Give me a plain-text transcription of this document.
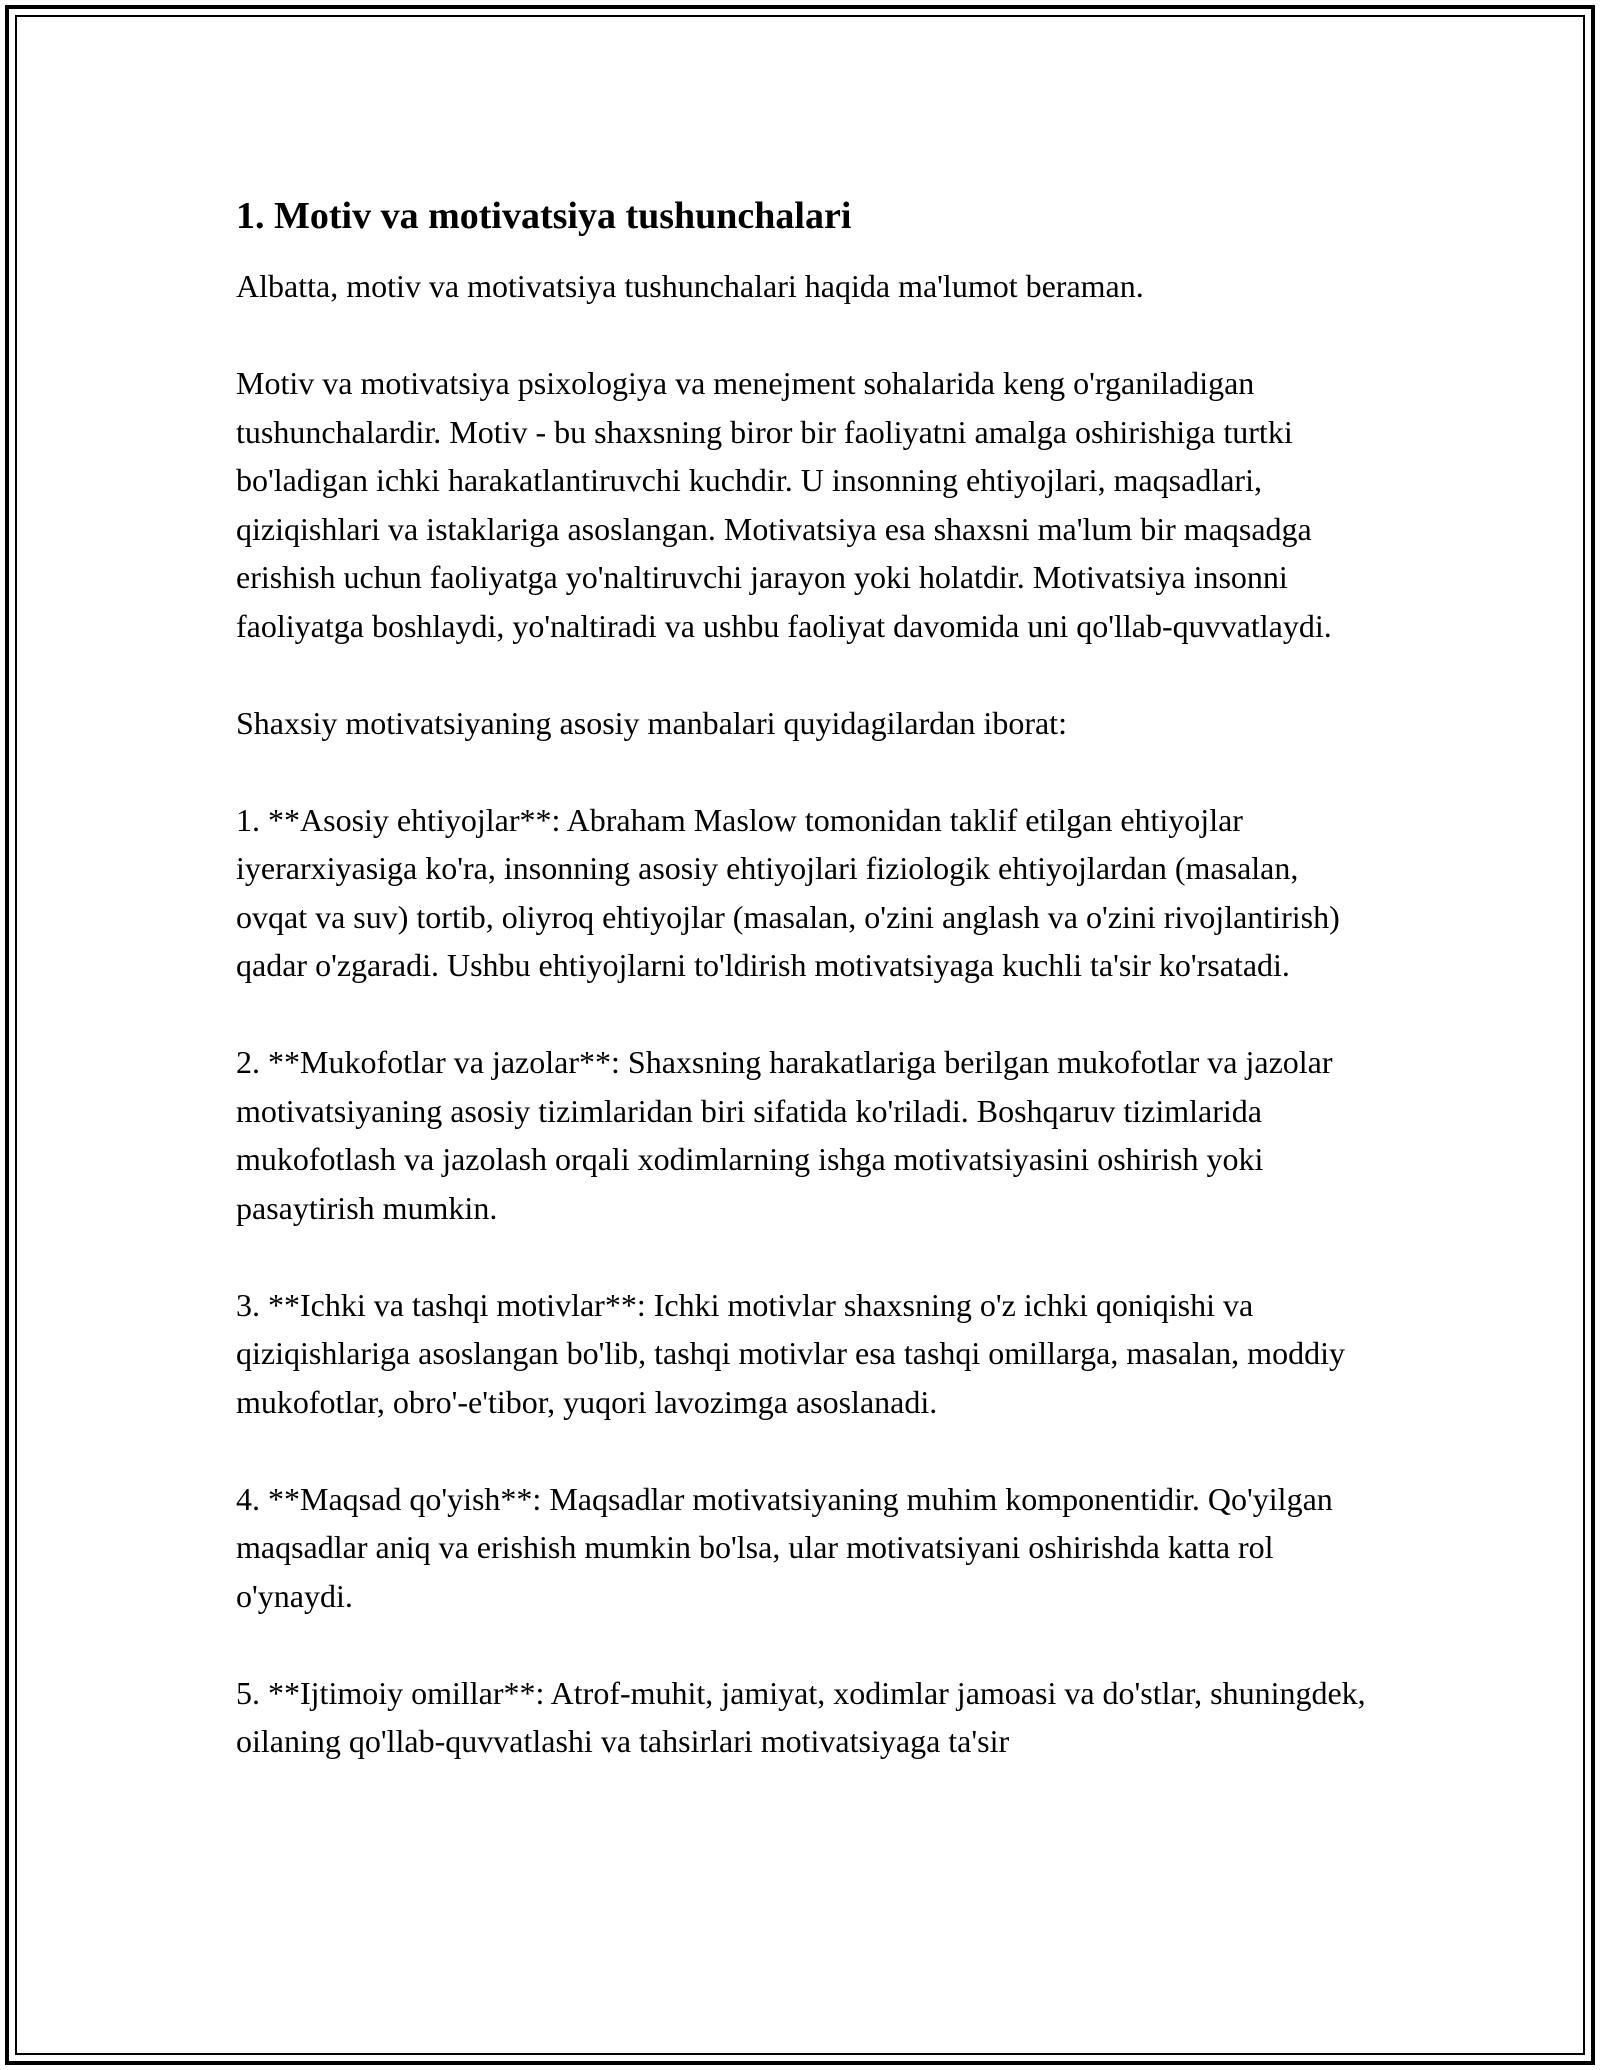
1. Motiv va motivatsiya tushunchalari

Albatta, motiv va motivatsiya tushunchalari haqida ma'lumot beraman.

Motiv va motivatsiya psixologiya va menejment sohalarida keng o'rganiladigan tushunchalardir. Motiv - bu shaxsning biror bir faoliyatni amalga oshirishiga turtki bo'ladigan ichki harakatlantiruvchi kuchdir. U insonning ehtiyojlari, maqsadlari, qiziqishlari va istaklariga asoslangan. Motivatsiya esa shaxsni ma'lum bir maqsadga erishish uchun faoliyatga yo'naltiruvchi jarayon yoki holatdir. Motivatsiya insonni faoliyatga boshlaydi, yo'naltiradi va ushbu faoliyat davomida uni qo'llab-quvvatlaydi.

Shaxsiy motivatsiyaning asosiy manbalari quyidagilardan iborat:

1. **Asosiy ehtiyojlar**: Abraham Maslow tomonidan taklif etilgan ehtiyojlar iyerarxiyasiga ko'ra, insonning asosiy ehtiyojlari fiziologik ehtiyojlardan (masalan, ovqat va suv) tortib, oliyroq ehtiyojlar (masalan, o'zini anglash va o'zini rivojlantirish) qadar o'zgaradi. Ushbu ehtiyojlarni to'ldirish motivatsiyaga kuchli ta'sir ko'rsatadi.

2. **Mukofotlar va jazolar**: Shaxsning harakatlariga berilgan mukofotlar va jazolar motivatsiyaning asosiy tizimlaridan biri sifatida ko'riladi. Boshqaruv tizimlarida mukofotlash va jazolash orqali xodimlarning ishga motivatsiyasini oshirish yoki pasaytirish mumkin.

3. **Ichki va tashqi motivlar**: Ichki motivlar shaxsning o'z ichki qoniqishi va qiziqishlariga asoslangan bo'lib, tashqi motivlar esa tashqi omillarga, masalan, moddiy mukofotlar, obro'-e'tibor, yuqori lavozimga asoslanadi.

4. **Maqsad qo'yish**: Maqsadlar motivatsiyaning muhim komponentidir. Qo'yilgan maqsadlar aniq va erishish mumkin bo'lsa, ular motivatsiyani oshirishda katta rol o'ynaydi.

5. **Ijtimoiy omillar**: Atrof-muhit, jamiyat, xodimlar jamoasi va do'stlar, shuningdek, oilaning qo'llab-quvvatlashi va tahsirlari motivatsiyaga ta'sir
